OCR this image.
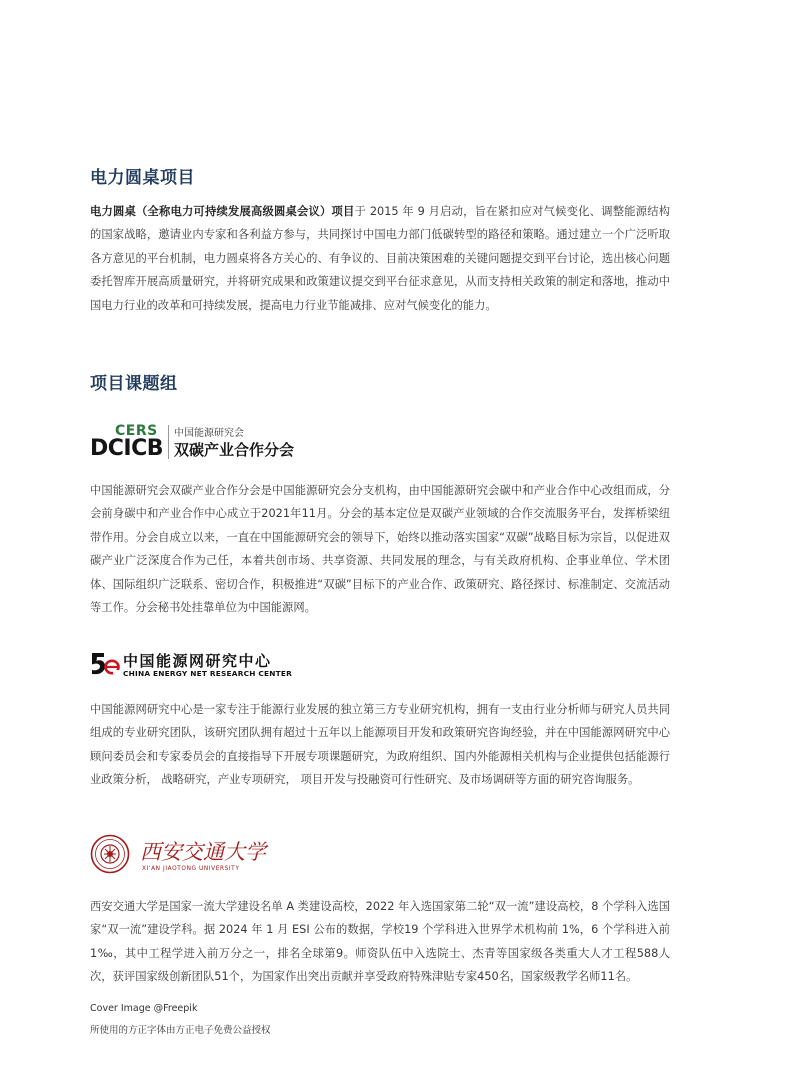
电力圆桌项目

电力圆桌（全称电力可持续发展高级圆桌会议）项目于 2015 年 9 月启动，旨在紧扣应对气候变化、调整能源结构的国家战略，邀请业内专家和各利益方参与，共同探讨中国电力部门低碳转型的路径和策略。通过建立一个广泛听取各方意见的平台机制，电力圆桌将各方关心的、有争议的、目前决策困难的关键问题提交到平台讨论，选出核心问题委托智库开展高质量研究，并将研究成果和政策建议提交到平台征求意见，从而支持相关政策的制定和落地，推动中国电力行业的改革和可持续发展，提高电力行业节能减排、应对气候变化的能力。

项目课题组
CERS
DCICB
中国能源研究会
双碳产业合作分会

中国能源研究会双碳产业合作分会是中国能源研究会分支机构，由中国能源研究会碳中和产业合作中心改组而成，分会前身碳中和产业合作中心成立于2021年11月。分会的基本定位是双碳产业领域的合作交流服务平台，发挥桥梁纽带作用。分会自成立以来，一直在中国能源研究会的领导下，始终以推动落实国家“双碳”战略目标为宗旨，以促进双碳产业广泛深度合作为己任，本着共创市场、共享资源、共同发展的理念，与有关政府机构、企事业单位、学术团体、国际组织广泛联系、密切合作，积极推进“双碳”目标下的产业合作、政策研究、路径探讨、标准制定、交流活动等工作。分会秘书处挂靠单位为中国能源网。

中国能源网研究中心
CHINA ENERGY NET RESEARCH CENTER

中国能源网研究中心是一家专注于能源行业发展的独立第三方专业研究机构，拥有一支由行业分析师与研究人员共同组成的专业研究团队，该研究团队拥有超过十五年以上能源项目开发和政策研究咨询经验，并在中国能源网研究中心顾问委员会和专家委员会的直接指导下开展专项课题研究，为政府组织、国内外能源相关机构与企业提供包括能源行业政策分析， 战略研究，产业专项研究， 项目开发与投融资可行性研究、及市场调研等方面的研究咨询服务。

西安交通大学
XI'AN JIAOTONG UNIVERSITY

西安交通大学是国家一流大学建设名单 A 类建设高校，2022 年入选国家第二轮“双一流”建设高校，8 个学科入选国家“双一流”建设学科。据 2024 年 1 月 ESI 公布的数据，学校19 个学科进入世界学术机构前 1%，6 个学科进入前 1‰，其中工程学进入前万分之一，排名全球第9。师资队伍中入选院士、杰青等国家级各类重大人才工程588人次，获评国家级创新团队51个，为国家作出突出贡献并享受政府特殊津贴专家450名，国家级教学名师11名。

Cover Image @Freepik

所使用的方正字体由方正电子免费公益授权
